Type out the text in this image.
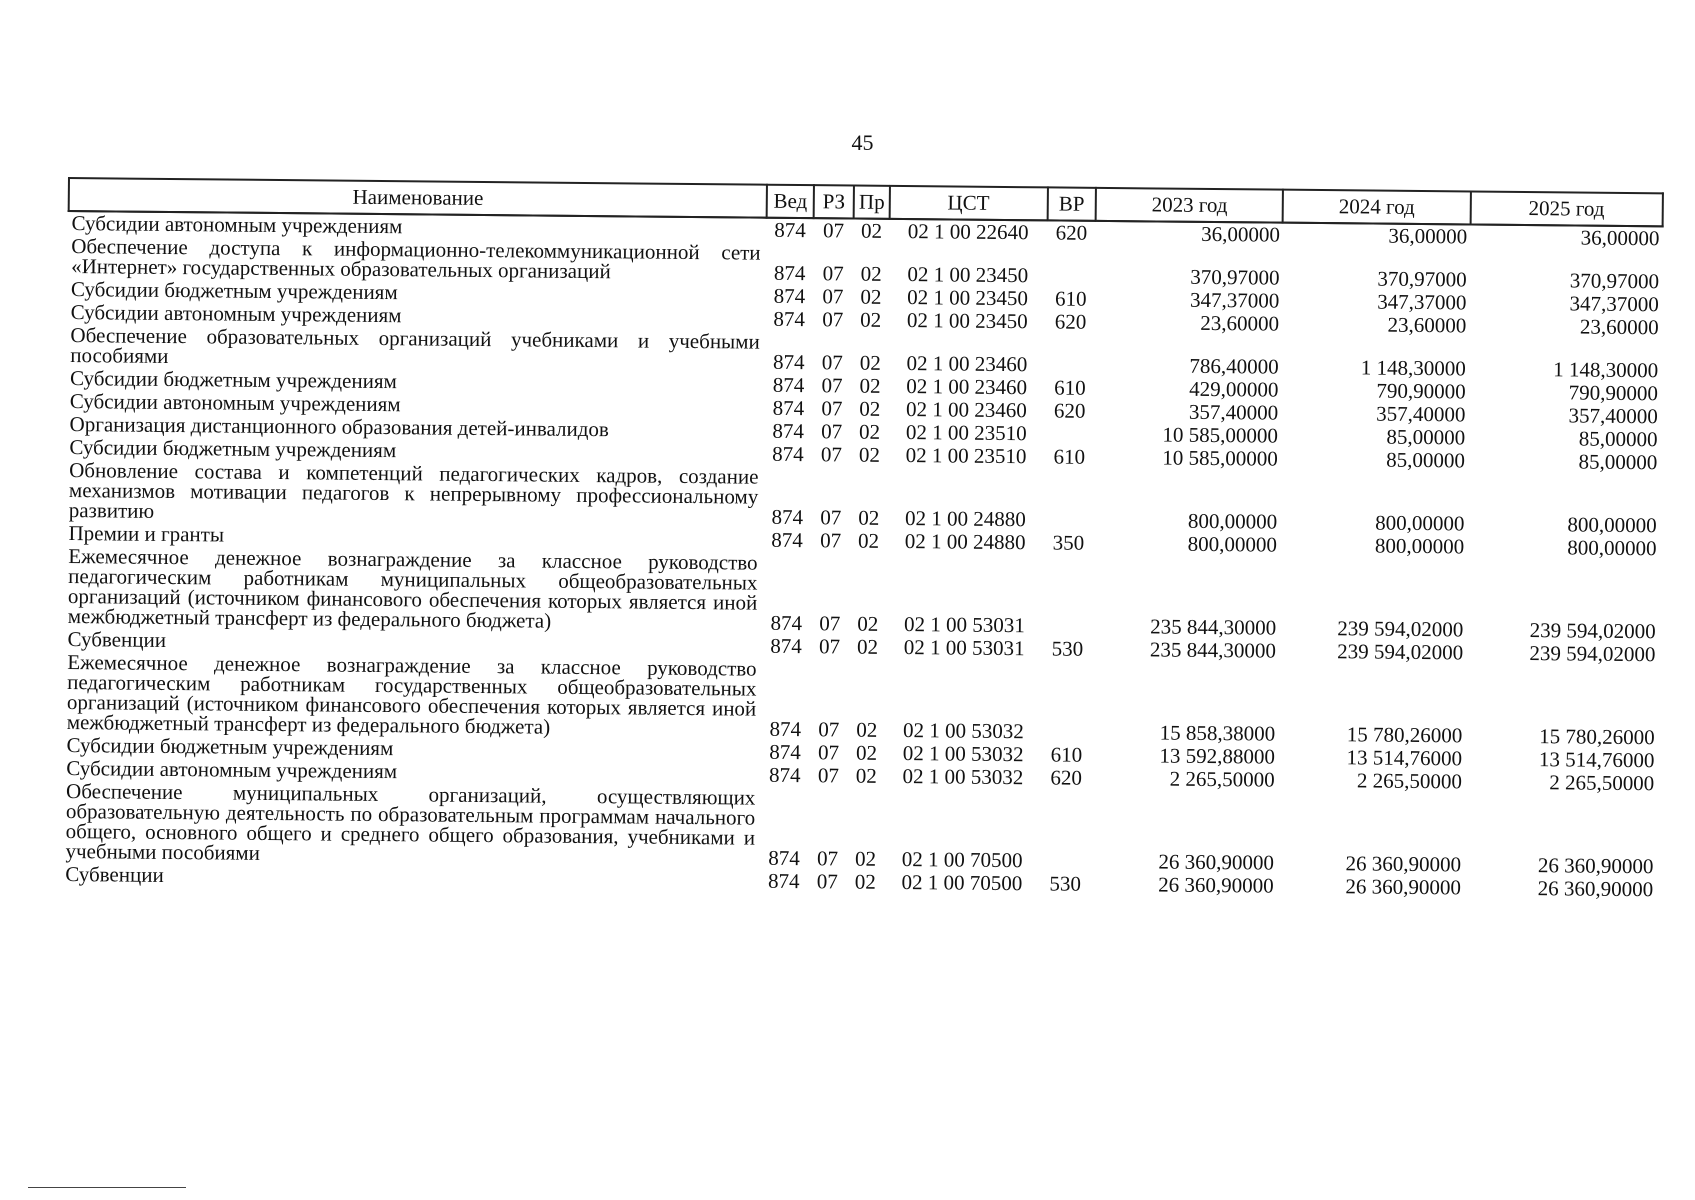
45
Наименование	Вед	РЗ	Пр	ЦСТ	ВР	2023 год	2024 год	2025 год
Субсидии автономным учреждениям	874	07	02	02 1 00 22640	620	36,00000	36,00000	36,00000
Обеспечение доступа к информационно-телекоммуникационной сети «Интернет» государственных образовательных организаций	874	07	02	02 1 00 23450		370,97000	370,97000	370,97000
Субсидии бюджетным учреждениям	874	07	02	02 1 00 23450	610	347,37000	347,37000	347,37000
Субсидии автономным учреждениям	874	07	02	02 1 00 23450	620	23,60000	23,60000	23,60000
Обеспечение образовательных организаций учебниками и учебными пособиями	874	07	02	02 1 00 23460		786,40000	1 148,30000	1 148,30000
Субсидии бюджетным учреждениям	874	07	02	02 1 00 23460	610	429,00000	790,90000	790,90000
Субсидии автономным учреждениям	874	07	02	02 1 00 23460	620	357,40000	357,40000	357,40000
Организация дистанционного образования детей-инвалидов	874	07	02	02 1 00 23510		10 585,00000	85,00000	85,00000
Субсидии бюджетным учреждениям	874	07	02	02 1 00 23510	610	10 585,00000	85,00000	85,00000
Обновление состава и компетенций педагогических кадров, создание механизмов мотивации педагогов к непрерывному профессиональному развитию	874	07	02	02 1 00 24880		800,00000	800,00000	800,00000
Премии и гранты	874	07	02	02 1 00 24880	350	800,00000	800,00000	800,00000
Ежемесячное денежное вознаграждение за классное руководство педагогическим работникам муниципальных общеобразовательных организаций (источником финансового обеспечения которых является иной межбюджетный трансферт из федерального бюджета)	874	07	02	02 1 00 53031		235 844,30000	239 594,02000	239 594,02000
Субвенции	874	07	02	02 1 00 53031	530	235 844,30000	239 594,02000	239 594,02000
Ежемесячное денежное вознаграждение за классное руководство педагогическим работникам государственных общеобразовательных организаций (источником финансового обеспечения которых является иной межбюджетный трансферт из федерального бюджета)	874	07	02	02 1 00 53032		15 858,38000	15 780,26000	15 780,26000
Субсидии бюджетным учреждениям	874	07	02	02 1 00 53032	610	13 592,88000	13 514,76000	13 514,76000
Субсидии автономным учреждениям	874	07	02	02 1 00 53032	620	2 265,50000	2 265,50000	2 265,50000
Обеспечение муниципальных организаций, осуществляющих образовательную деятельность по образовательным программам начального общего, основного общего и среднего общего образования, учебниками и учебными пособиями	874	07	02	02 1 00 70500		26 360,90000	26 360,90000	26 360,90000
Субвенции	874	07	02	02 1 00 70500	530	26 360,90000	26 360,90000	26 360,90000
